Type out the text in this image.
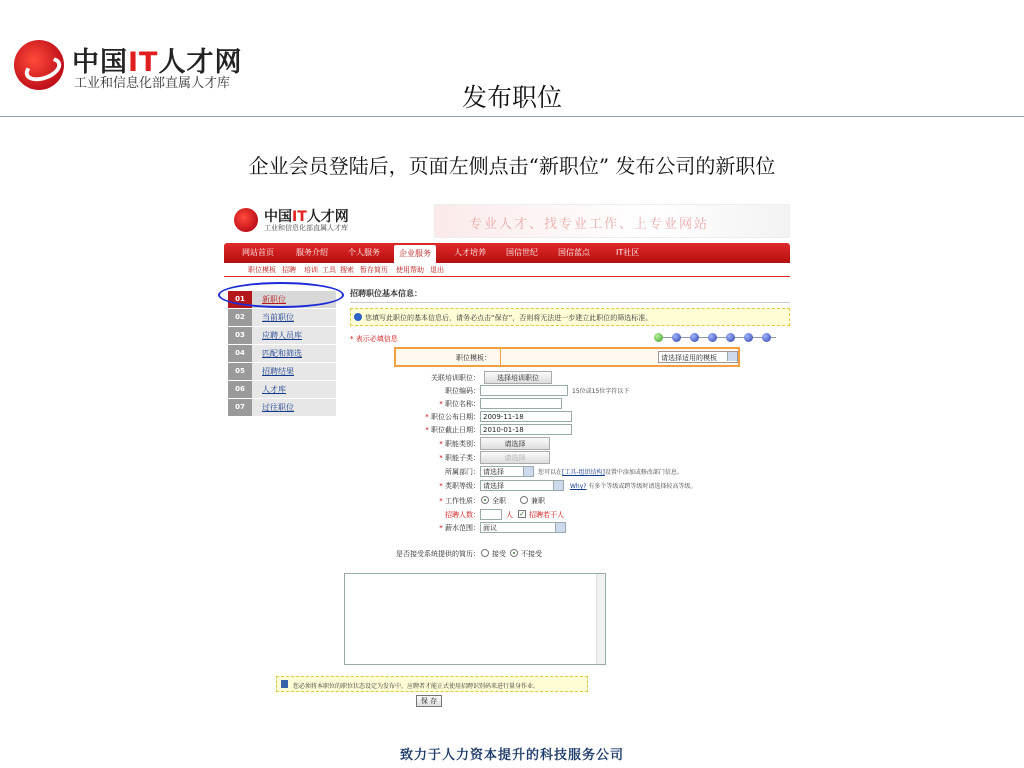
中国IT人才网
工业和信息化部直属人才库	发布职位
企业会员登陆后，页面左侧点击“新职位” 发布公司的新职位
中国IT人才网
工业和信息化部直属人才库	专业人才、找专业工作、上专业网站
网站首页	服务介绍	个人服务	企业服务	人才培养	国信世纪	国信蓝点	IT社区
职位模板 招聘 培训 工具 搜索 暂存简历 使用帮助 退出
01	新职位
02	当前职位
03	应聘人员库
04	匹配和筛选
05	招聘结果
06	人才库
07	过往职位
招聘职位基本信息：
您填写此职位的基本信息后，请务必点击“保存”，否则将无法进一步建立此职位的筛选标准。
* 表示必填信息
职位模板：	请选择适用的模板
关联培训职位：	选择培训职位
职位编码：	15位或15位字符以下
* 职位名称：
* 职位公布日期： 2009-11-18
* 职位截止日期： 2010-01-18
* 职能类别：	请选择
* 职能子类：	请选择
所属部门： 请选择	您可以在[工具-组织结构]设置中添加或修改部门信息。
* 类职等级： 请选择	Why? 有多个等级或跨等级时请选择较高等级。
* 工作性质： 全职	兼职
招聘人数：	人 ✓ 招聘若干人
* 薪水范围： 面议
是否接受系统提供的简历： 接受 不接受
您必须将本职位的职位状态设定为发布中，应聘者才能正式使用招聘识别码来进行量身作业。
保 存
致力于人力资本提升的科技服务公司
